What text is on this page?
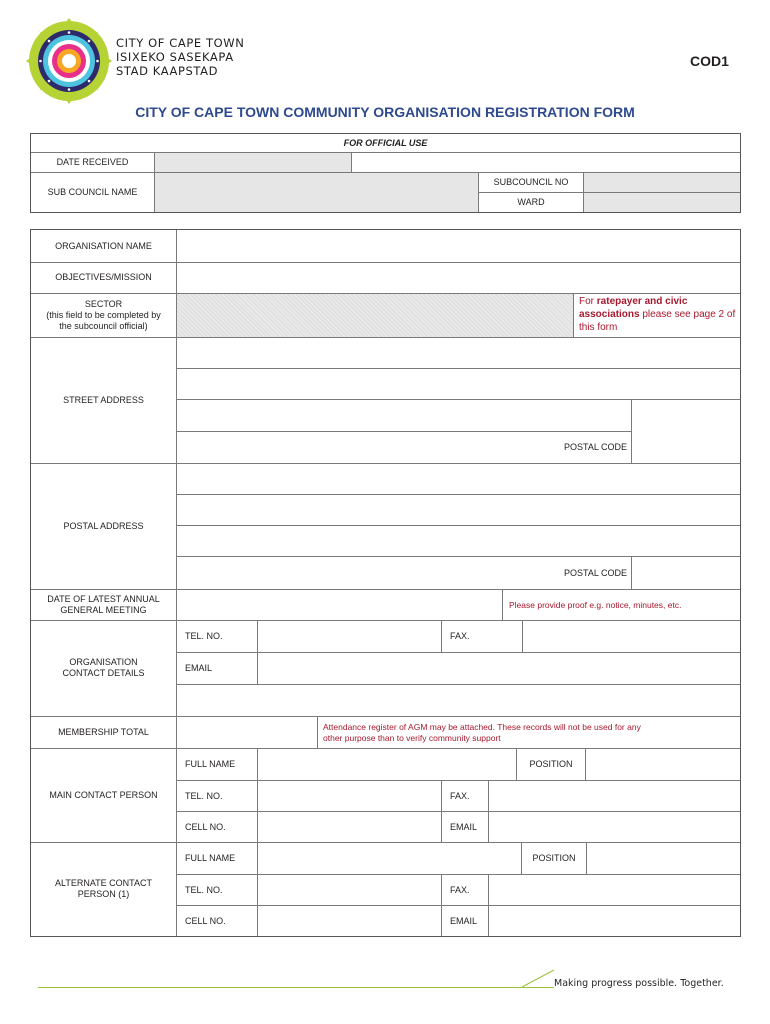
CITY OF CAPE TOWN
ISIXEKO SASEKAPA
STAD KAAPSTAD
COD1
CITY OF CAPE TOWN COMMUNITY ORGANISATION REGISTRATION FORM
FOR OFFICIAL USE
DATE RECEIVED
SUB COUNCIL NAME
SUBCOUNCIL NO
WARD
ORGANISATION NAME
OBJECTIVES/MISSION
SECTOR
(this field to be completed by
the subcouncil official)
For ratepayer and civic associations please see page 2 of this form
STREET ADDRESS
POSTAL CODE
POSTAL ADDRESS
POSTAL CODE
DATE OF LATEST ANNUAL
GENERAL MEETING	Please provide proof e.g. notice, minutes, etc.
ORGANISATION
CONTACT DETAILS
TEL. NO.	FAX.
EMAIL
MEMBERSHIP TOTAL	Attendance register of AGM may be attached. These records will not be used for any
other purpose than to verify community support
MAIN CONTACT PERSON
FULL NAME	POSITION
TEL. NO.	FAX.
CELL NO.	EMAIL
ALTERNATE CONTACT
PERSON (1)
FULL NAME	POSITION
TEL. NO.	FAX.
CELL NO.	EMAIL
Making progress possible. Together.
